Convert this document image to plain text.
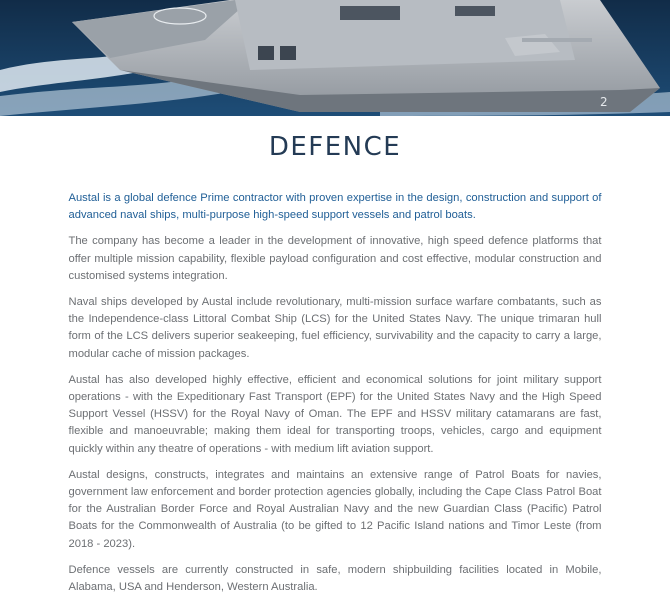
2
DEFENCE

Austal is a global defence Prime contractor with proven expertise in the design, construction and support of advanced naval ships, multi-purpose high-speed support vessels and patrol boats.

The company has become a leader in the development of innovative, high speed defence platforms that offer multiple mission capability, flexible payload configuration and cost effective, modular construction and customised systems integration.

Naval ships developed by Austal include revolutionary, multi-mission surface warfare combatants, such as the Independence-class Littoral Combat Ship (LCS) for the United States Navy. The unique trimaran hull form of the LCS delivers superior seakeeping, fuel efficiency, survivability and the capacity to carry a large, modular cache of mission packages.

Austal has also developed highly effective, efficient and economical solutions for joint military support operations - with the Expeditionary Fast Transport (EPF) for the United States Navy and the High Speed Support Vessel (HSSV) for the Royal Navy of Oman. The EPF and HSSV military catamarans are fast, flexible and manoeuvrable; making them ideal for transporting troops, vehicles, cargo and equipment quickly within any theatre of operations - with medium lift aviation support.

Austal designs, constructs, integrates and maintains an extensive range of Patrol Boats for navies, government law enforcement and border protection agencies globally, including the Cape Class Patrol Boat for the Australian Border Force and Royal Australian Navy and the new Guardian Class (Pacific) Patrol Boats for the Commonwealth of Australia (to be gifted to 12 Pacific Island nations and Timor Leste (from 2018 - 2023).

Defence vessels are currently constructed in safe, modern shipbuilding facilities located in Mobile, Alabama, USA and Henderson, Western Australia.
